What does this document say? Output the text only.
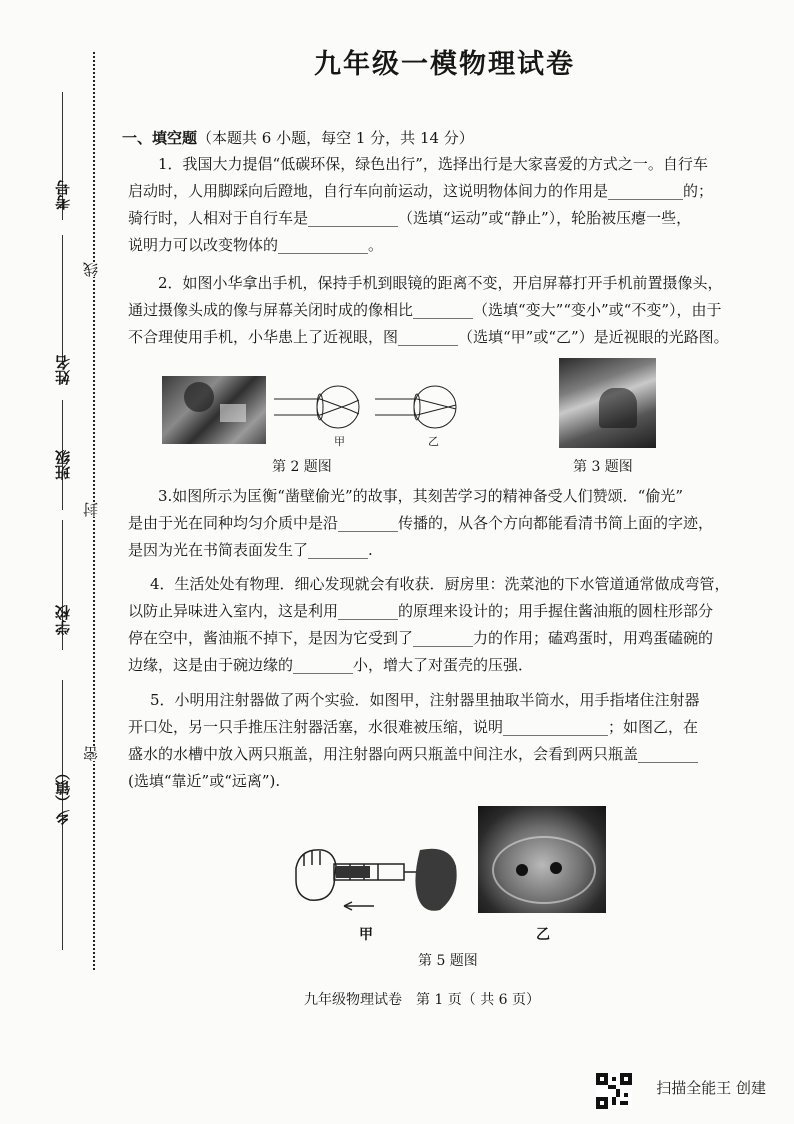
九年级一模物理试卷
考号
姓名
班级
学校
乡（镇）
线
封
密
一、填空题（本题共 6 小题，每空 1 分，共 14 分）
1．我国大力提倡“低碳环保，绿色出行”，选择出行是大家喜爱的方式之一。自行车
启动时，人用脚踩向后蹬地，自行车向前运动，这说明物体间力的作用是__________的；
骑行时，人相对于自行车是____________（选填“运动”或“静止”），轮胎被压瘪一些，
说明力可以改变物体的____________。
2．如图小华拿出手机，保持手机到眼镜的距离不变，开启屏幕打开手机前置摄像头，
通过摄像头成的像与屏幕关闭时成的像相比________（选填“变大”“变小”或“不变”），由于
不合理使用手机，小华患上了近视眼，图________（选填“甲”或“乙”）是近视眼的光路图。
甲	乙
第 2 题图	第 3 题图
3.如图所示为匡衡“凿壁偷光”的故事，其刻苦学习的精神备受人们赞颂．“偷光”
是由于光在同种均匀介质中是沿________传播的，从各个方向都能看清书简上面的字迹，
是因为光在书简表面发生了________.
4．生活处处有物理．细心发现就会有收获．厨房里：洗菜池的下水管道通常做成弯管，
以防止异味进入室内，这是利用________的原理来设计的；用手握住酱油瓶的圆柱形部分
停在空中，酱油瓶不掉下，是因为它受到了________力的作用；磕鸡蛋时，用鸡蛋磕碗的
边缘，这是由于碗边缘的________小，增大了对蛋壳的压强．
5．小明用注射器做了两个实验．如图甲，注射器里抽取半筒水，用手指堵住注射器
开口处，另一只手推压注射器活塞，水很难被压缩，说明______________；如图乙，在
盛水的水槽中放入两只瓶盖，用注射器向两只瓶盖中间注水，会看到两只瓶盖________
(选填“靠近”或“远离”).
甲	乙
第 5 题图
九年级物理试卷　第 1 页（ 共 6 页）
扫描全能王 创建
